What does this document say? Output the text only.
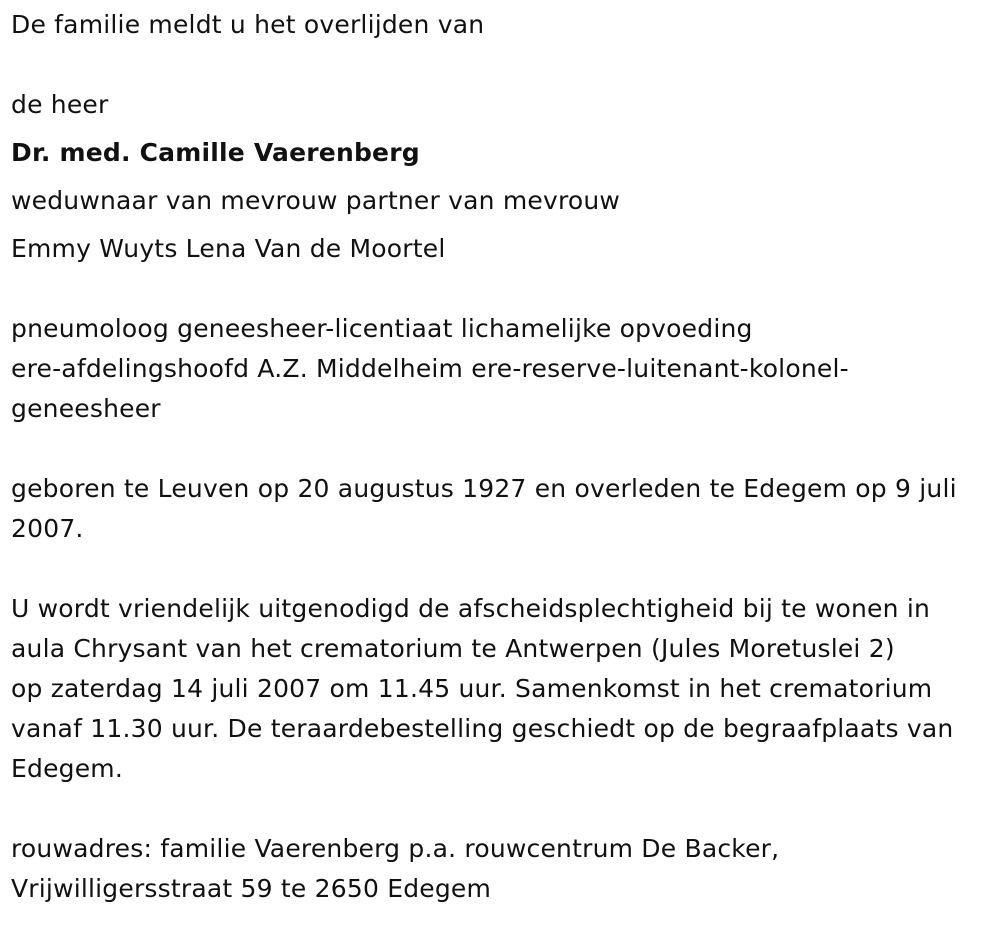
De familie meldt u het overlijden van
de heer
Dr. med. Camille Vaerenberg
weduwnaar van mevrouw partner van mevrouw
Emmy Wuyts Lena Van de Moortel
pneumoloog geneesheer-licentiaat lichamelijke opvoeding
ere-afdelingshoofd A.Z. Middelheim ere-reserve-luitenant-kolonel-
geneesheer
geboren te Leuven op 20 augustus 1927 en overleden te Edegem op 9 juli
2007.
U wordt vriendelijk uitgenodigd de afscheidsplechtigheid bij te wonen in
aula Chrysant van het crematorium te Antwerpen (Jules Moretuslei 2)
op zaterdag 14 juli 2007 om 11.45 uur. Samenkomst in het crematorium
vanaf 11.30 uur. De teraardebestelling geschiedt op de begraafplaats van
Edegem.
rouwadres: familie Vaerenberg p.a. rouwcentrum De Backer,
Vrijwilligersstraat 59 te 2650 Edegem
